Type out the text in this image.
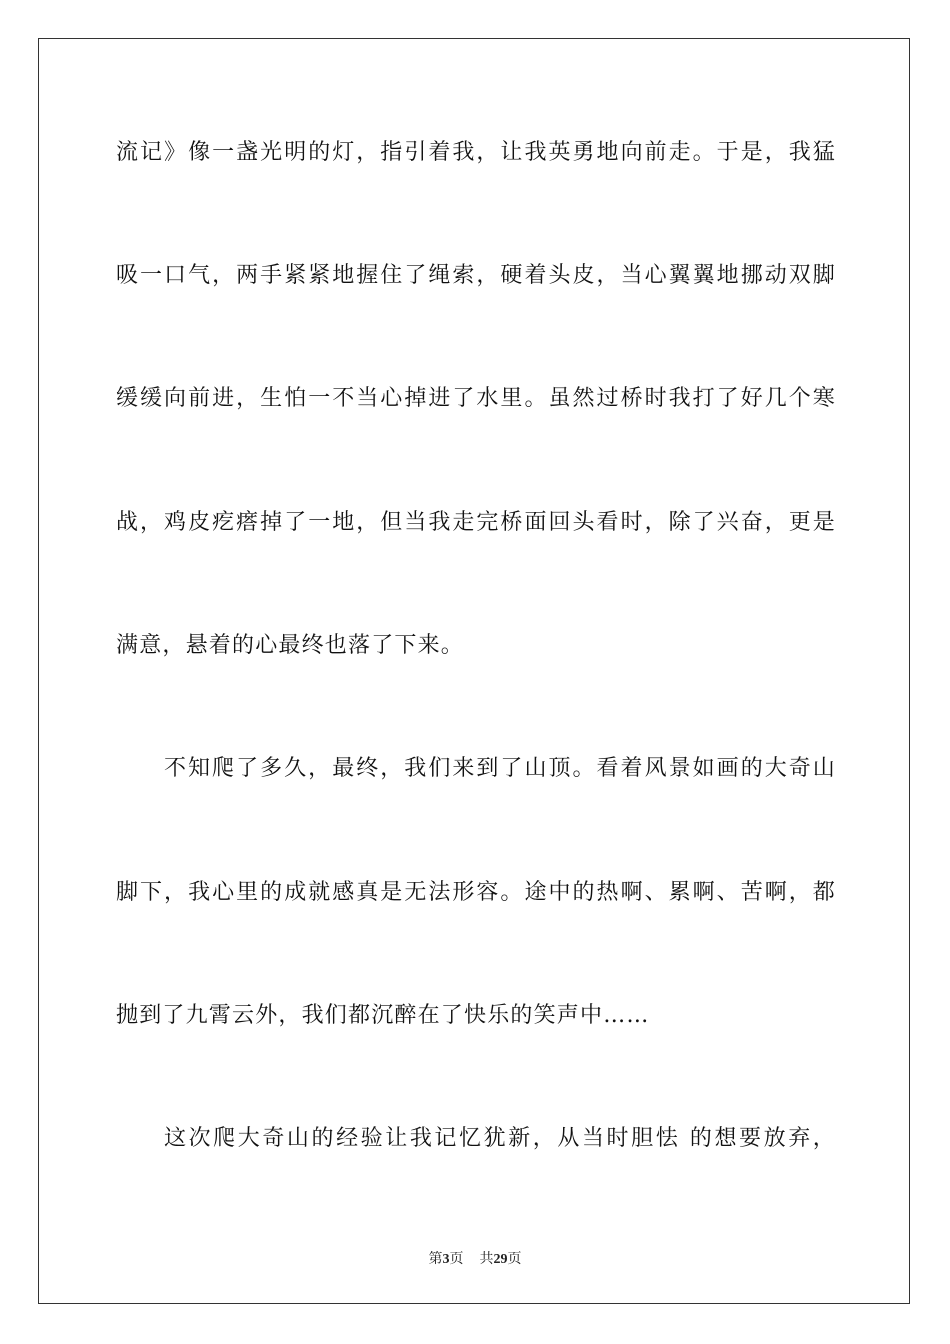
流记》像一盏光明的灯，指引着我，让我英勇地向前走。于是，我猛
吸一口气，两手紧紧地握住了绳索，硬着头皮，当心翼翼地挪动双脚
缓缓向前进，生怕一不当心掉进了水里。虽然过桥时我打了好几个寒
战，鸡皮疙瘩掉了一地，但当我走完桥面回头看时，除了兴奋，更是
满意，悬着的心最终也落了下来。
不知爬了多久，最终，我们来到了山顶。看着风景如画的大奇山
脚下，我心里的成就感真是无法形容。途中的热啊、累啊、苦啊，都
抛到了九霄云外，我们都沉醉在了快乐的笑声中……
这次爬大奇山的经验让我记忆犹新，从当时胆怯 的想要放弃，
第3页 共29页
